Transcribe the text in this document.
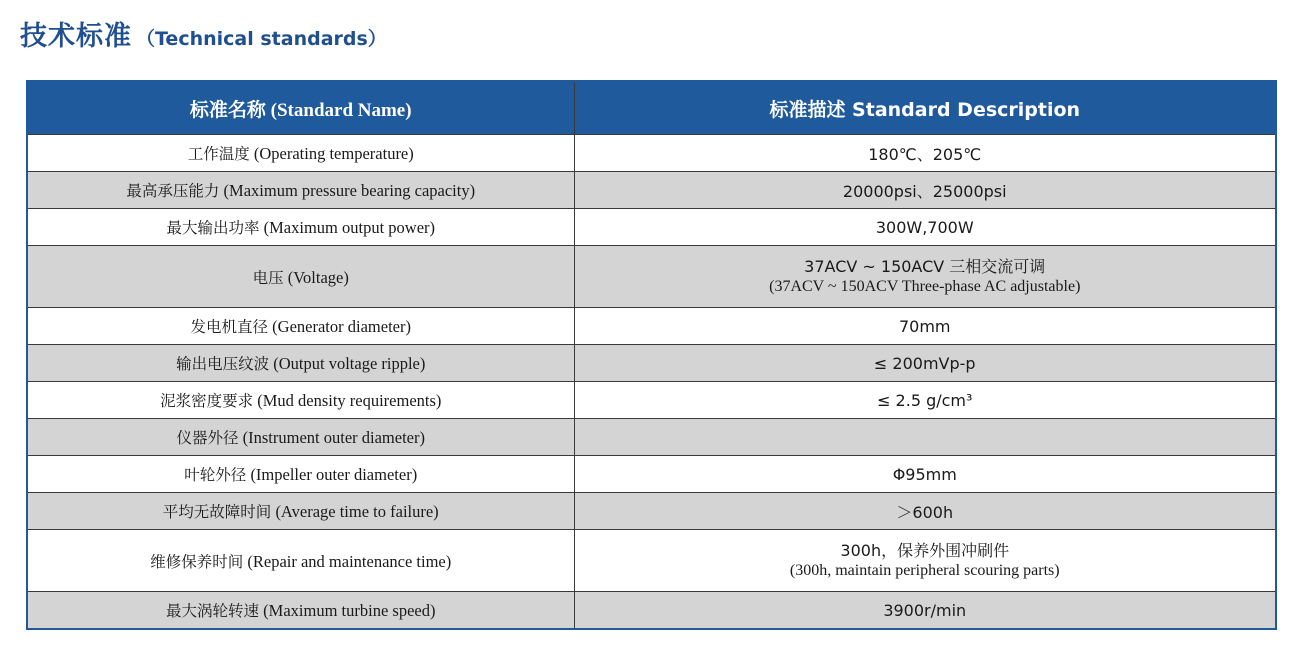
技术标准 （Technical standards）
标准名称 (Standard Name)	标准描述 Standard Description
工作温度 (Operating temperature)	180℃、205℃
最高承压能力 (Maximum pressure bearing capacity)	20000psi、25000psi
最大输出功率 (Maximum output power)	300W,700W
电压 (Voltage)	37ACV ~ 150ACV 三相交流可调
(37ACV ~ 150ACV Three-phase AC adjustable)

发电机直径 (Generator diameter)	70mm
输出电压纹波 (Output voltage ripple)	≤ 200mVp-p
泥浆密度要求 (Mud density requirements)	≤ 2.5 g/cm³
仪器外径 (Instrument outer diameter)	
叶轮外径 (Impeller outer diameter)	Φ95mm
平均无故障时间 (Average time to failure)	＞600h
维修保养时间 (Repair and maintenance time)	300h，保养外围冲刷件
(300h, maintain peripheral scouring parts)

最大涡轮转速 (Maximum turbine speed)	3900r/min
